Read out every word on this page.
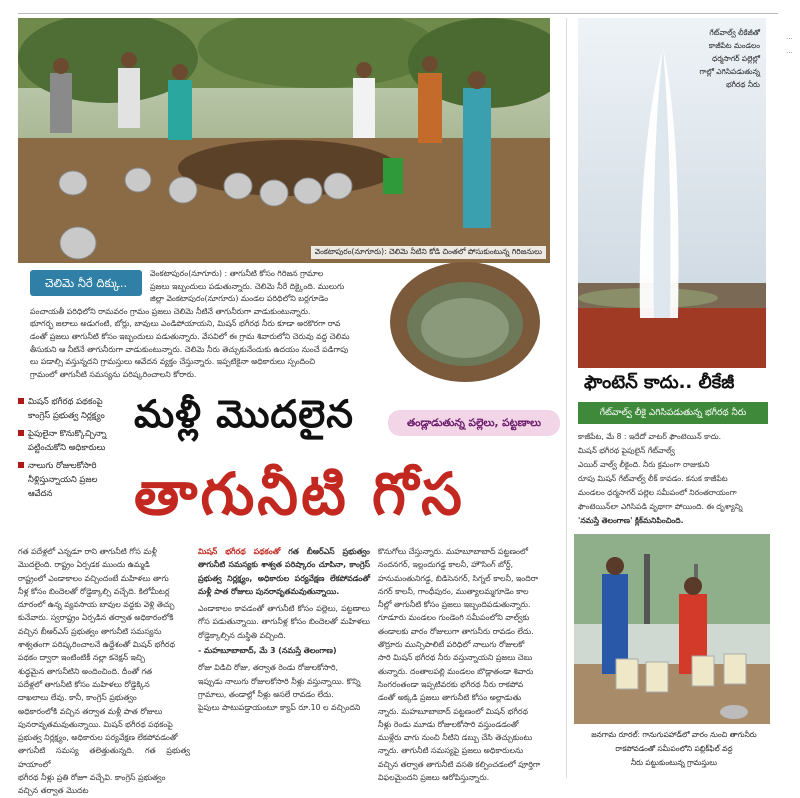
...
...
వెంకటాపురం(నూగూరు): చెలిమె నీటిని కోడి చింతలో పోసుకుంటున్న గిరిజనులు
చెలిమె నీరే దిక్కు..

వెంకటాపురం(నూగూరు) : తాగునీటి కోసం గిరిజన గ్రామాల

ప్రజలు ఇబ్బందులు పడుతున్నారు. చెలిమె నీరే దిక్కైంది. ములుగు

జిల్లా వెంకటాపురం(నూగూరు) మండల పరిధిలోని బర్లగూడెం

పంచాయతీ పరిధిలోని రామవరం గ్రామం ప్రజలు చెలిమె నీటినే తాగునీరుగా వాడుకుంటున్నారు.

భూగర్భ జలాలు అడుగంటి, బోర్లు, బావులు ఎండిపోయాయని, మిషన్ భగీరథ నీరు కూడా అరకొరగా రావ

డంతో ప్రజలు తాగునీటి కోసం ఇబ్బందులు పడుతున్నారు. వేసవిలో ఈ గ్రామ శివారులోని చెరువు వద్ద చెలిమ

తీసుకుని ఆ నీటినే తాగునీరుగా వాడుకుంటున్నారు. చెలిమె నీరు తెచ్చుకునేందుకు ఉదయం నుంచే పడిగాపు

లు పడాల్సి వస్తున్నదని గ్రామస్తులు ఆవేదన వ్యక్తం చేస్తున్నారు. ఇప్పటికైనా అధికారులు స్పందించి

గ్రామంలో తాగునీటి సమస్యను పరిష్కరించాలని కోరారు.

గేట్‌వాల్వ్ లీకేజీతో
కాజీపేట మండలం
ధర్మసాగర్ పల్లెల్లో
గాల్లో ఎగిసిపడుతున్న
భగీరథ నీరు
ఫౌంటెన్ కాదు.. లీకేజీ
గేట్‌వాల్వ్ లీకై ఎగిసిపడుతున్న భగీరథ నీరు

కాజీపేట, మే 8 : ఇదేదో వాటర్ ఫౌంటెయిన్ కాదు.

మిషన్ భగీరథ పైపులైన్ గేట్‌వాల్వ్

ఎయిర్ వాల్వ్ లీకైంది. నీరు క్రమంగా రాజుకుని

రూపు మిషన్ గేట్‌వాల్వ్ లీక్ కావడం. కనుక కాజీపేట

మండలం ధర్మసాగర్ పల్లెల సమీపంలో నిరంతరాయంగా

ఫౌంటెయిన్‌లా ఎగిసిపడి వృథాగా పోయింది. ఈ దృశ్యాన్ని

'నమస్తే తెలంగాణ' క్లిక్‌మనిపించింది.

మిషన్ భగీరథ పథకంపై కాంగ్రెస్ ప్రభుత్వ నిర్లక్ష్యం
పైపులైనా కొనుక్కొచ్చిన్నా పట్టించుకోని అధికారులు
నాలుగు రోజులకోసారి నీళ్లిస్తున్నాయని ప్రజల ఆవేదన
మళ్లీ మొదలైన	తండ్లాడుతున్న పల్లెలు, పట్టణాలు
తాగునీటి గోస

గత పదేళ్లలో ఎన్నడూ రాని తాగునీటి గోస మళ్లీ

మొదలైంది. రాష్ట్రం ఏర్పడక ముందు ఉమ్మడి

రాష్ట్రంలో ఎండాకాలం వచ్చిందంటే మహిళలు తాగు

నీళ్ల కోసం బిందెలతో రోడ్డెక్కాల్సి వచ్చేది. కిలోమీటర్ల

దూరంలో ఉన్న వ్యవసాయ బావుల వద్దకు వెళ్లి తెచ్చు

కునేవారు. స్వరాష్ట్రం ఏర్పడిన తర్వాత అధికారంలోకి

వచ్చిన బీఆర్‌ఎస్ ప్రభుత్వం తాగునీటి సమస్యను

శాశ్వతంగా పరిష్కరించాలనే ఉద్దేశంతో మిషన్ భగీరథ

పథకం ద్వారా ఇంటింటికీ నల్లా కనెక్షన్ ఇచ్చి

శుద్ధమైన తాగునీటిని అందించింది. దీంతో గత

పదేళ్లలో తాగునీటి కోసం మహిళలు రోడ్డెక్కిన

దాఖలాలు లేవు. కానీ, కాంగ్రెస్ ప్రభుత్వం

అధికారంలోకి వచ్చిన తర్వాత మళ్లీ పాత రోజులు

పునరావృతమవుతున్నాయి. మిషన్ భగీరథ పథకంపై

ప్రభుత్వ నిర్లక్ష్యం, అధికారుల పర్యవేక్షణ లేకపోవడంతో

తాగునీటి సమస్య తలెత్తుతున్నది. గత ప్రభుత్వ హయాంలో

భగీరథ నీళ్లు ప్రతి రోజూ వచ్చేవి. కాంగ్రెస్ ప్రభుత్వం

వచ్చిన తర్వాత మొదట

మిషన్ భగీరథ పథకంతో గత బీఆర్‌ఎస్ ప్రభుత్వం తాగునీటి సమస్యకు శాశ్వత పరిష్కారం చూపినా, కాంగ్రెస్ ప్రభుత్వ నిర్లక్ష్యం, అధికారుల పర్యవేక్షణ లేకపోవడంతో మళ్లీ పాత రోజులు పునరావృతమవుతున్నాయి.

ఎండాకాలం కావడంతో తాగునీటి కోసం పల్లెలు, పట్టణాలు గోస పడుతున్నాయి. తాగునీళ్ల కోసం బిందెలతో మహిళలు రోడ్డెక్కాల్సిన దుస్థితి వచ్చింది.

- మహబూబాబాద్, మే 3 (నమస్తే తెలంగాణ)

రోజు విడిచి రోజు, తర్వాత రెండు రోజులకోసారి,

ఇప్పుడు నాలుగు రోజులకోసారి నీళ్లు వస్తున్నాయి. కొన్ని

గ్రామాలు, తండాల్లో నీళ్లు అసలే రావడం లేదు.

పైపులు పాటుపడ్డాయంటూ క్యాప్ రూ.10 ల వచ్చిందని

కొనుగోలు చేస్తున్నారు. మహబూబాబాద్ పట్టణంలో

నందనగర్, ఇల్లందుగడ్డ కాలనీ, హౌసింగ్ బోర్డ్,

హనుమంతునిగడ్డ, బిడిసెనగర్, సిగ్నల్ కాలనీ, ఇందిరా

నగర్ కాలనీ, గాంధీపురం, ముత్యాలమ్మగూడెం కాల

నీల్లో తాగునీటి కోసం ప్రజలు ఇబ్బందిపడుతున్నారు.

గూడూరు మండలం గుండెంగి సమీపంలోని వాల్వ్‌కు

తండాలకు వారం రోజులుగా తాగునీరు రావడం లేదు.

తొర్రూరు మున్సిపాలిటీ పరిధిలో నాలుగు రోజులకో

సారి మిషన్ భగీరథ నీరు వస్తున్నాయని ప్రజలు చెబు

తున్నారు. దంతాలపల్లి మండలం బొడ్లాతండా శివారు

సింగరంతండా ఇప్పటివరకు భగీరథ నీరు రాకపోవ

డంతో అక్కడి ప్రజలు తాగునీటి కోసం అల్లాడుతు

న్నారు. మహబూబాబాద్ పట్టణంలో మిషన్ భగీరథ

నీళ్లు రెండు మూడు రోజులకోసారి వస్తుండడంతో

ముళ్లేరు వాగు నుంచి నీటిని డబ్బు చేసి తెచ్చుకుంటు

న్నారు. తాగునీటి సమస్యపై ప్రజలు అధికారులను

వచ్చిన తర్వాత తాగునీటి వసతి కల్పించడంలో పూర్తిగా

విఫలమైందని ప్రజలు ఆరోపిస్తున్నారు.

జనగామ రూరల్: గానుగుపహాడ్‌లో వారం నుంచి తాగునీరు
రాకపోవడంతో సమీపంలోని పబ్లిక్‌ఫిల్ వద్ద
నీరు పట్టుకుంటున్న గ్రామస్తులు
